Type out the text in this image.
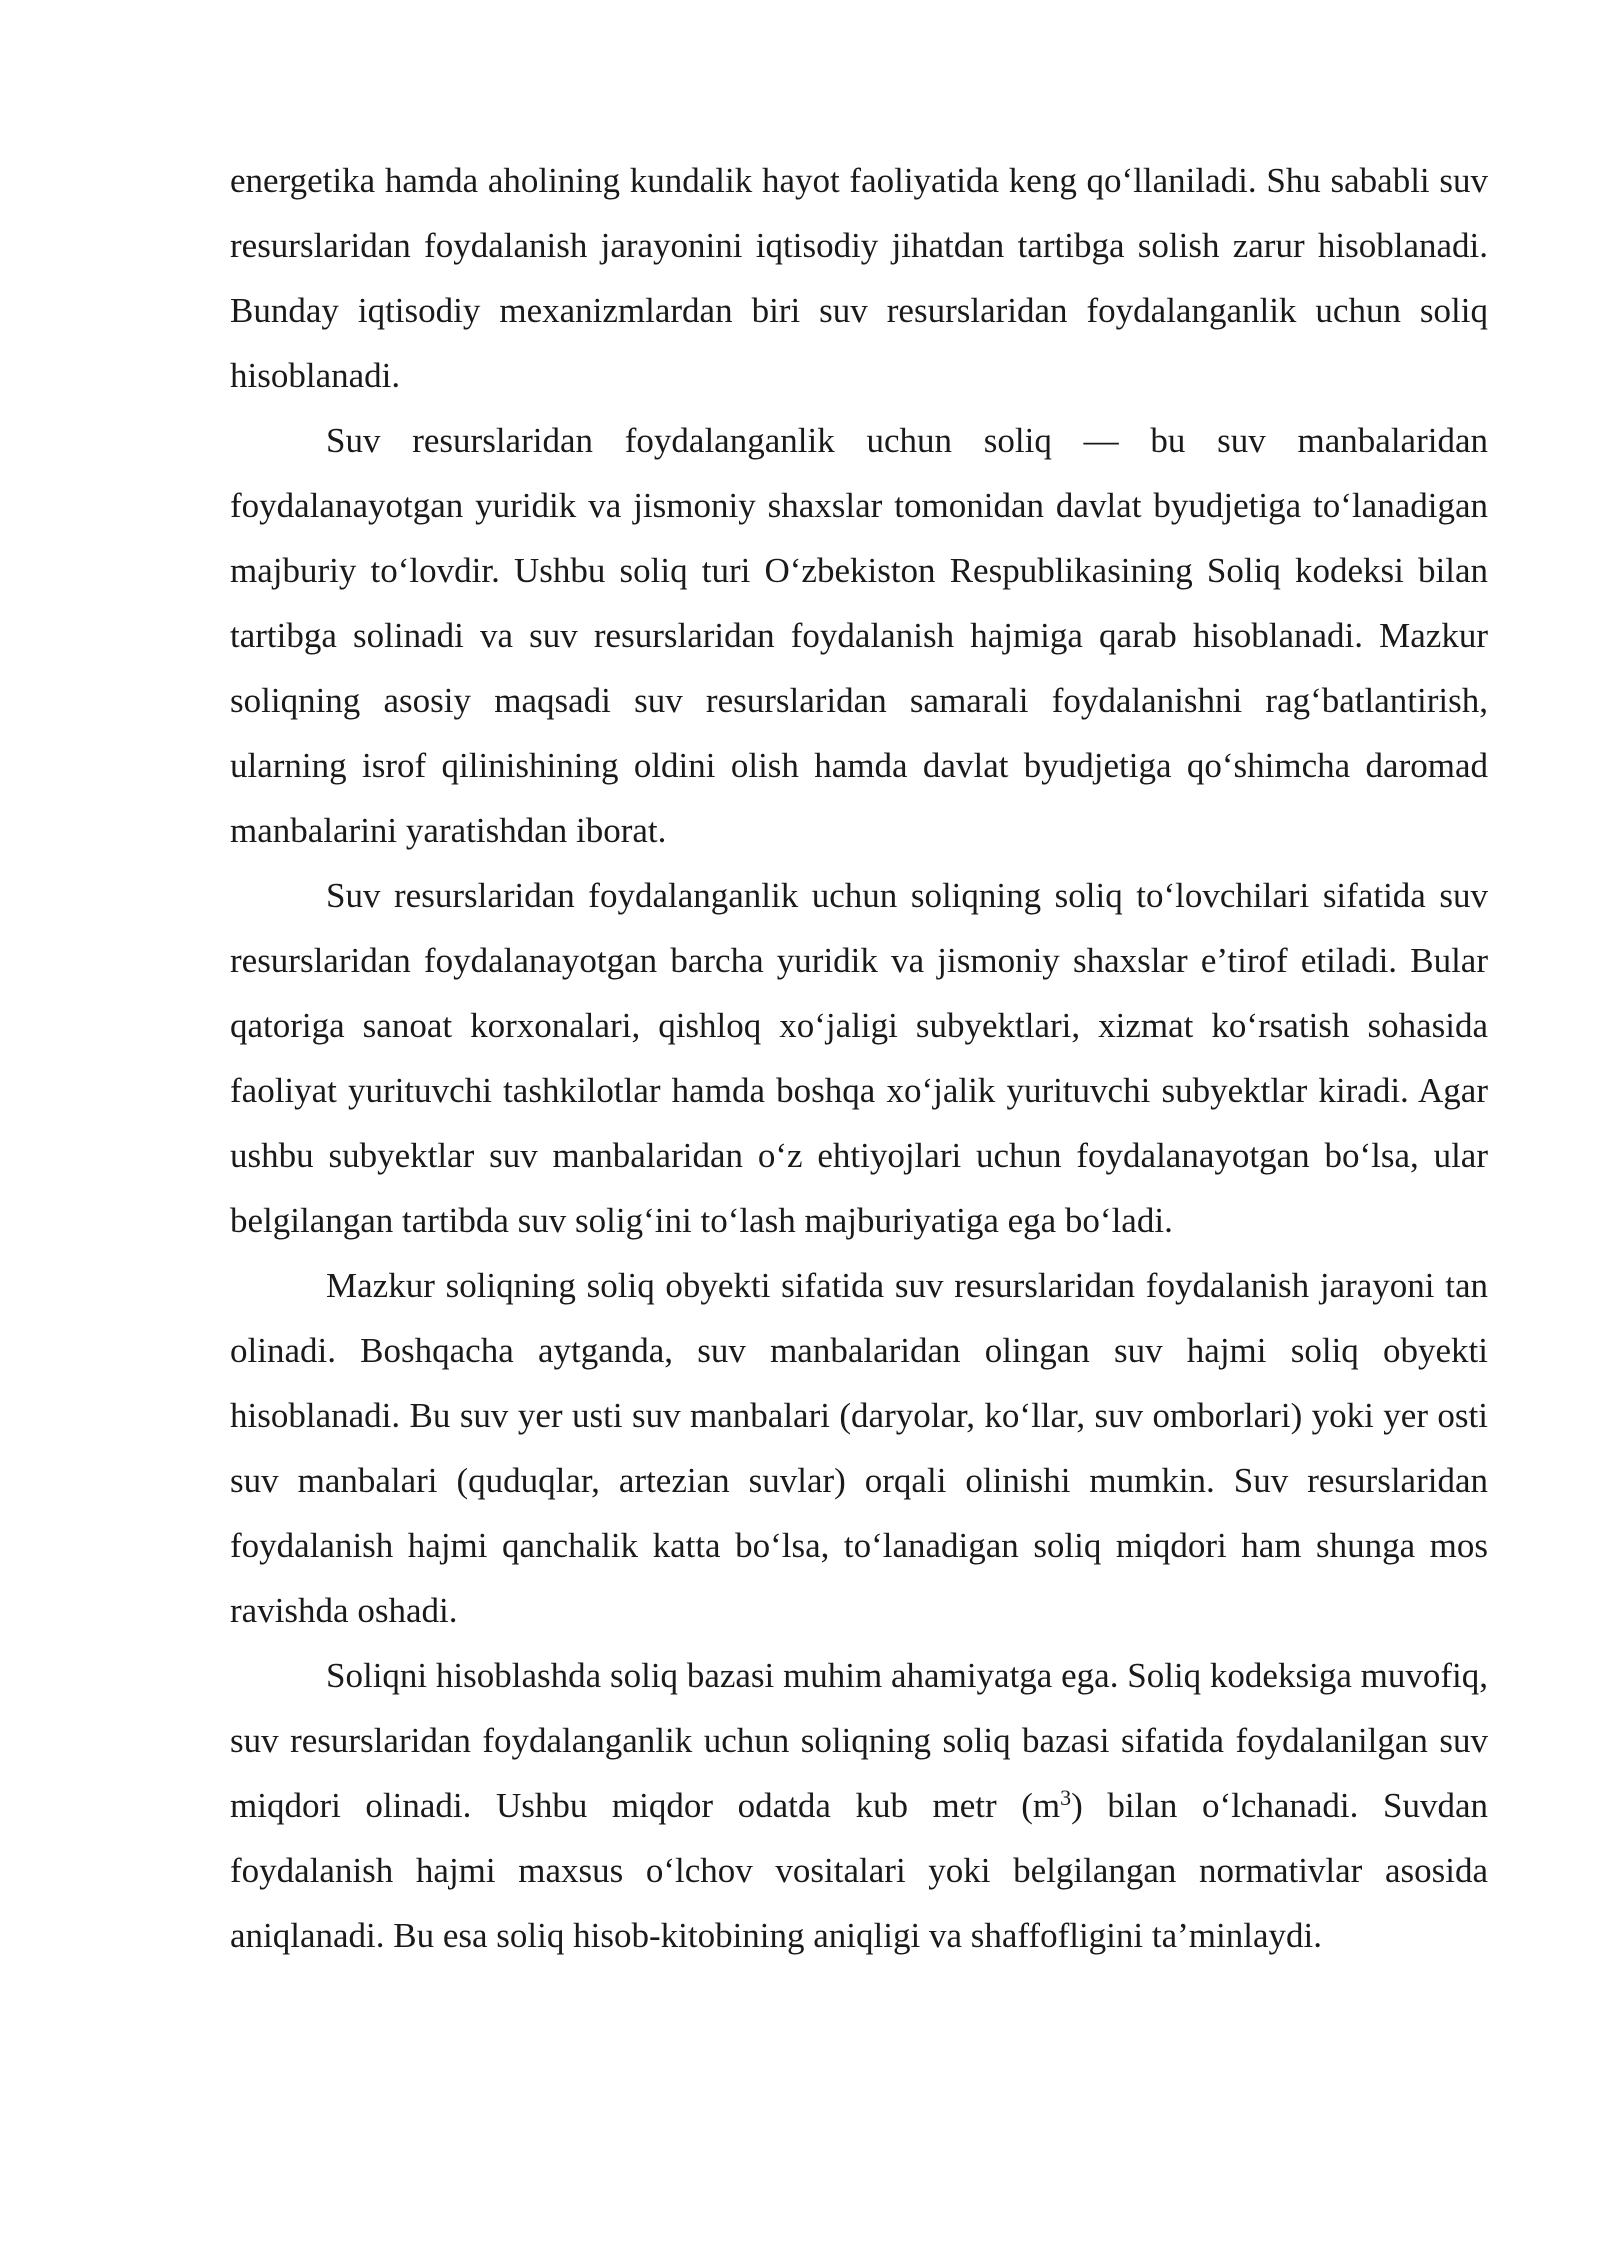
energetika hamda aholining kundalik hayot faoliyatida keng qo‘llaniladi. Shu sababli suv resurslaridan foydalanish jarayonini iqtisodiy jihatdan tartibga solish zarur hisoblanadi. Bunday iqtisodiy mexanizmlardan biri suv resurslaridan foydalanganlik uchun soliq hisoblanadi.

Suv resurslaridan foydalanganlik uchun soliq — bu suv manbalaridan foydalanayotgan yuridik va jismoniy shaxslar tomonidan davlat byudjetiga to‘lanadigan majburiy to‘lovdir. Ushbu soliq turi O‘zbekiston Respublikasining Soliq kodeksi bilan tartibga solinadi va suv resurslaridan foydalanish hajmiga qarab hisoblanadi. Mazkur soliqning asosiy maqsadi suv resurslaridan samarali foydalanishni rag‘batlantirish, ularning isrof qilinishining oldini olish hamda davlat byudjetiga qo‘shimcha daromad manbalarini yaratishdan iborat.

Suv resurslaridan foydalanganlik uchun soliqning soliq to‘lovchilari sifatida suv resurslaridan foydalanayotgan barcha yuridik va jismoniy shaxslar e’tirof etiladi. Bular qatoriga sanoat korxonalari, qishloq xo‘jaligi subyektlari, xizmat ko‘rsatish sohasida faoliyat yurituvchi tashkilotlar hamda boshqa xo‘jalik yurituvchi subyektlar kiradi. Agar ushbu subyektlar suv manbalaridan o‘z ehtiyojlari uchun foydalanayotgan bo‘lsa, ular belgilangan tartibda suv solig‘ini to‘lash majburiyatiga ega bo‘ladi.

Mazkur soliqning soliq obyekti sifatida suv resurslaridan foydalanish jarayoni tan olinadi. Boshqacha aytganda, suv manbalaridan olingan suv hajmi soliq obyekti hisoblanadi. Bu suv yer usti suv manbalari (daryolar, ko‘llar, suv omborlari) yoki yer osti suv manbalari (quduqlar, artezian suvlar) orqali olinishi mumkin. Suv resurslaridan foydalanish hajmi qanchalik katta bo‘lsa, to‘lanadigan soliq miqdori ham shunga mos ravishda oshadi.

Soliqni hisoblashda soliq bazasi muhim ahamiyatga ega. Soliq kodeksiga muvofiq, suv resurslaridan foydalanganlik uchun soliqning soliq bazasi sifatida foydalanilgan suv miqdori olinadi. Ushbu miqdor odatda kub metr $(m^3)$ bilan o‘lchanadi. Suvdan foydalanish hajmi maxsus o‘lchov vositalari yoki belgilangan normativlar asosida aniqlanadi. Bu esa soliq hisob-kitobining aniqligi va shaffofligini ta’minlaydi.
